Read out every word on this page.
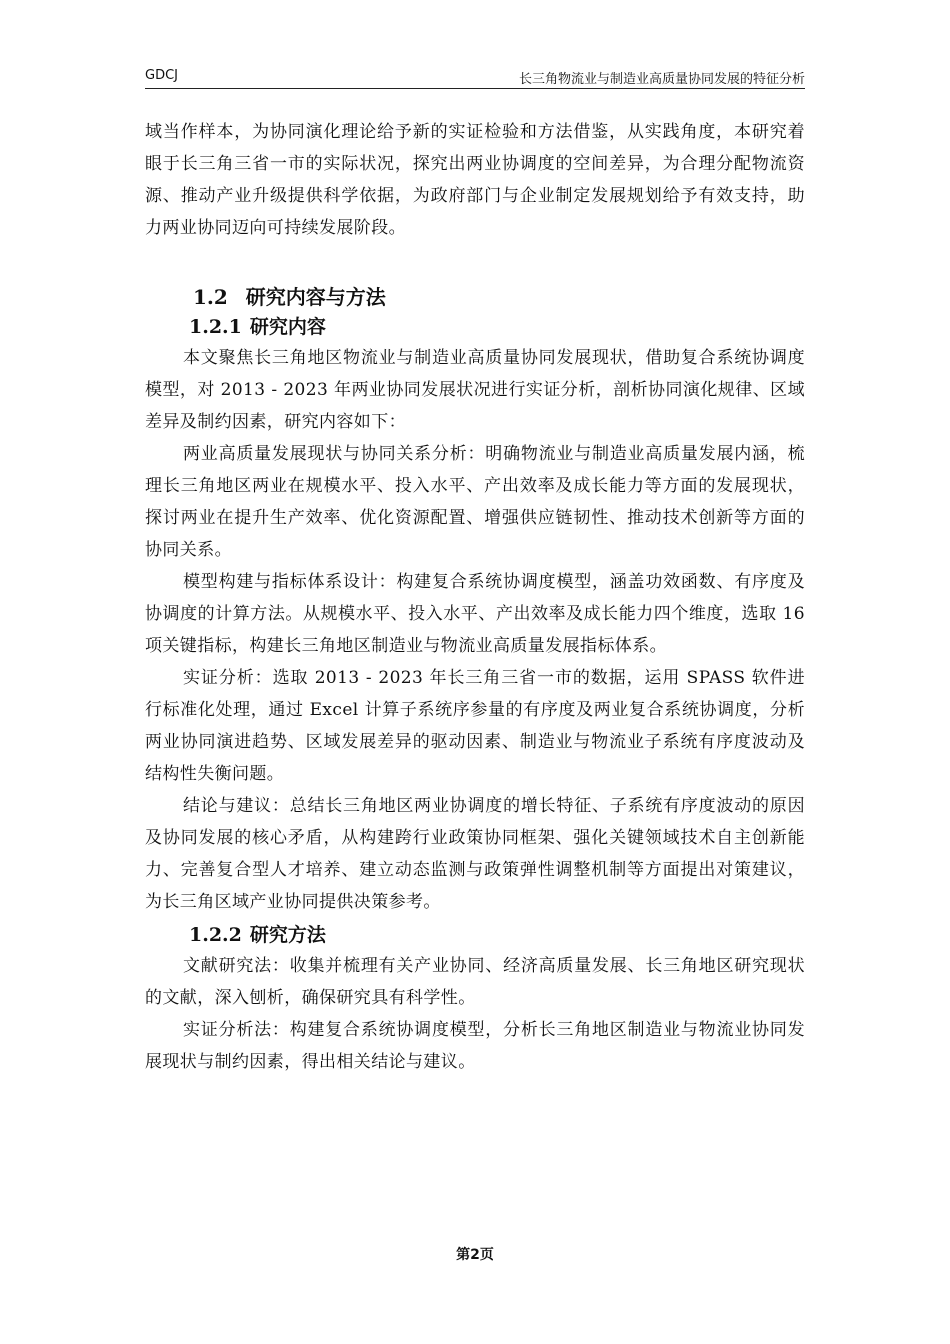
GDCJ	长三角物流业与制造业高质量协同发展的特征分析

域当作样本，为协同演化理论给予新的实证检验和方法借鉴，从实践角度，本研究着眼于长三角三省一市的实际状况，探究出两业协调度的空间差异，为合理分配物流资源、推动产业升级提供科学依据，为政府部门与企业制定发展规划给予有效支持，助力两业协同迈向可持续发展阶段。

1.2 研究内容与方法
1.2.1 研究内容

本文聚焦长三角地区物流业与制造业高质量协同发展现状，借助复合系统协调度模型，对 2013 - 2023 年两业协同发展状况进行实证分析，剖析协同演化规律、区域差异及制约因素，研究内容如下：

两业高质量发展现状与协同关系分析：明确物流业与制造业高质量发展内涵，梳理长三角地区两业在规模水平、投入水平、产出效率及成长能力等方面的发展现状，探讨两业在提升生产效率、优化资源配置、增强供应链韧性、推动技术创新等方面的协同关系。

模型构建与指标体系设计：构建复合系统协调度模型，涵盖功效函数、有序度及协调度的计算方法。从规模水平、投入水平、产出效率及成长能力四个维度，选取 16 项关键指标，构建长三角地区制造业与物流业高质量发展指标体系。

实证分析：选取 2013 - 2023 年长三角三省一市的数据，运用 SPASS 软件进行标准化处理，通过 Excel 计算子系统序参量的有序度及两业复合系统协调度，分析两业协同演进趋势、区域发展差异的驱动因素、制造业与物流业子系统有序度波动及结构性失衡问题。

结论与建议：总结长三角地区两业协调度的增长特征、子系统有序度波动的原因及协同发展的核心矛盾，从构建跨行业政策协同框架、强化关键领域技术自主创新能力、完善复合型人才培养、建立动态监测与政策弹性调整机制等方面提出对策建议，为长三角区域产业协同提供决策参考。

1.2.2 研究方法

文献研究法：收集并梳理有关产业协同、经济高质量发展、长三角地区研究现状的文献，深入刨析，确保研究具有科学性。

实证分析法：构建复合系统协调度模型，分析长三角地区制造业与物流业协同发展现状与制约因素，得出相关结论与建议。

第2页
